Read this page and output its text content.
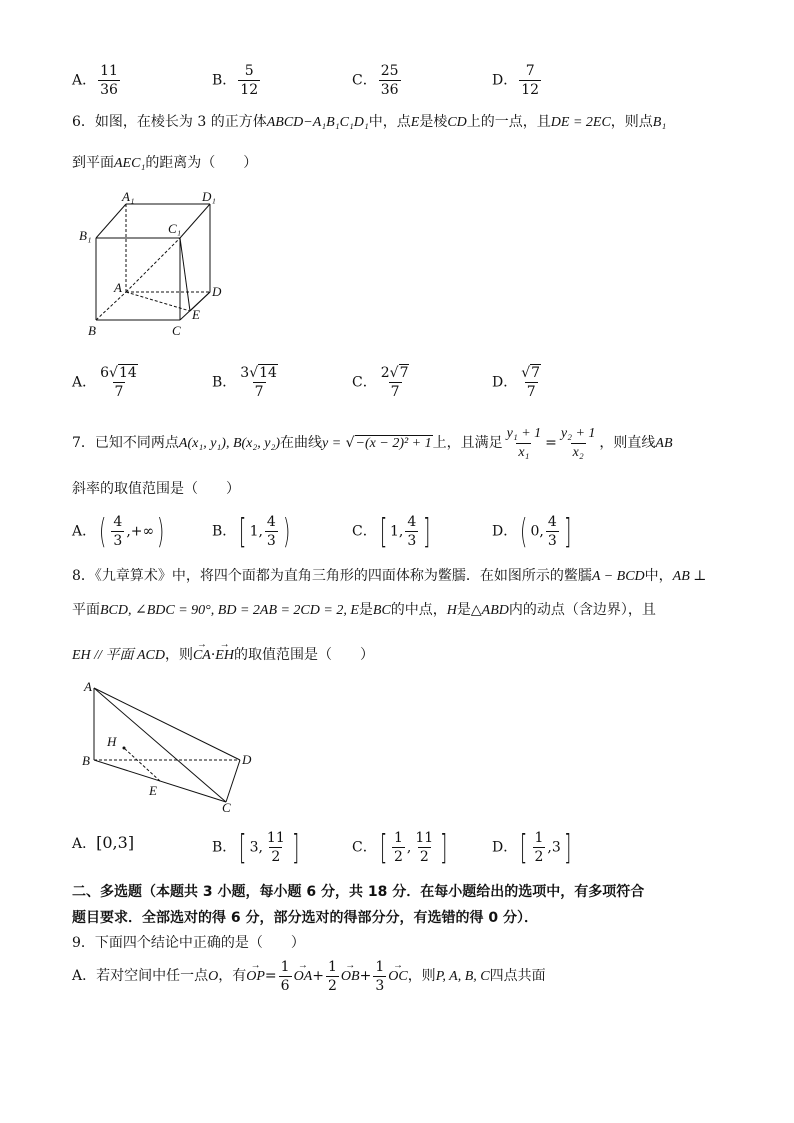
A． $\frac{11}{36}$	B． $\frac{5}{12}$	C． $\frac{25}{36}$	D． $\frac{7}{12}$
6．如图，在棱长为 3 的正方体ABCD−A₁B₁C₁D₁中，点E是棱CD上的一点，且DE = 2EC，则点B₁
到平面AEC₁的距离为（　　）
A₁	D₁
B₁	C₁
A	D
E
B	C
A． $\frac{6√14}{7}$	B． $\frac{3√14}{7}$	C． $\frac{2√7}{7}$	D． $\frac{√7}{7}$
7．已知不同两点A(x₁, y₁), B(x₂, y₂)在曲线y = √−(x − 2)² + 1上，且满足 $\frac{\text{y₁ + 1}}{\text{x₁}} = \frac{\text{y₂ + 1}}{\text{x₂}}$ ，则直线AB
斜率的取值范围是（　　）
A．( $\frac{4}{3}$ ,+∞)	B．[ 1, $\frac{4}{3}$ )	C．[ 1, $\frac{4}{3}$ ]	D．( 0, $\frac{4}{3}$ ]
8．《九章算术》中，将四个面都为直角三角形的四面体称为鳖臑．在如图所示的鳖臑A − BCD中，AB ⊥
平面BCD, ∠BDC = 90°, BD = 2AB = 2CD = 2, E是BC的中点，H是△ABD内的动点（含边界），且
EH // 平面 ACD，则→ CA·→ EH的取值范围是（　　）
A
H
B	D
E
C
A．[0,3]	B．[ 3, $\frac{11}{2}$ ]	C．[ $\frac{1}{2}$ , $\frac{11}{2}$ ]	D．[ $\frac{1}{2} ,3$]
二、多选题（本题共 3 小题，每小题 6 分，共 18 分．在每小题给出的选项中，有多项符合
题目要求．全部选对的得 6 分，部分选对的得部分分，有选错的得 0 分）．
9．下面四个结论中正确的是（　　）
A．若对空间中任一点O，有→ $OP= \frac{1}{6}$
→ $OA+ \frac{1}{2}$
→ $OB+ \frac{1}{3}$
→ OC，则P, A, B, C四点共面
